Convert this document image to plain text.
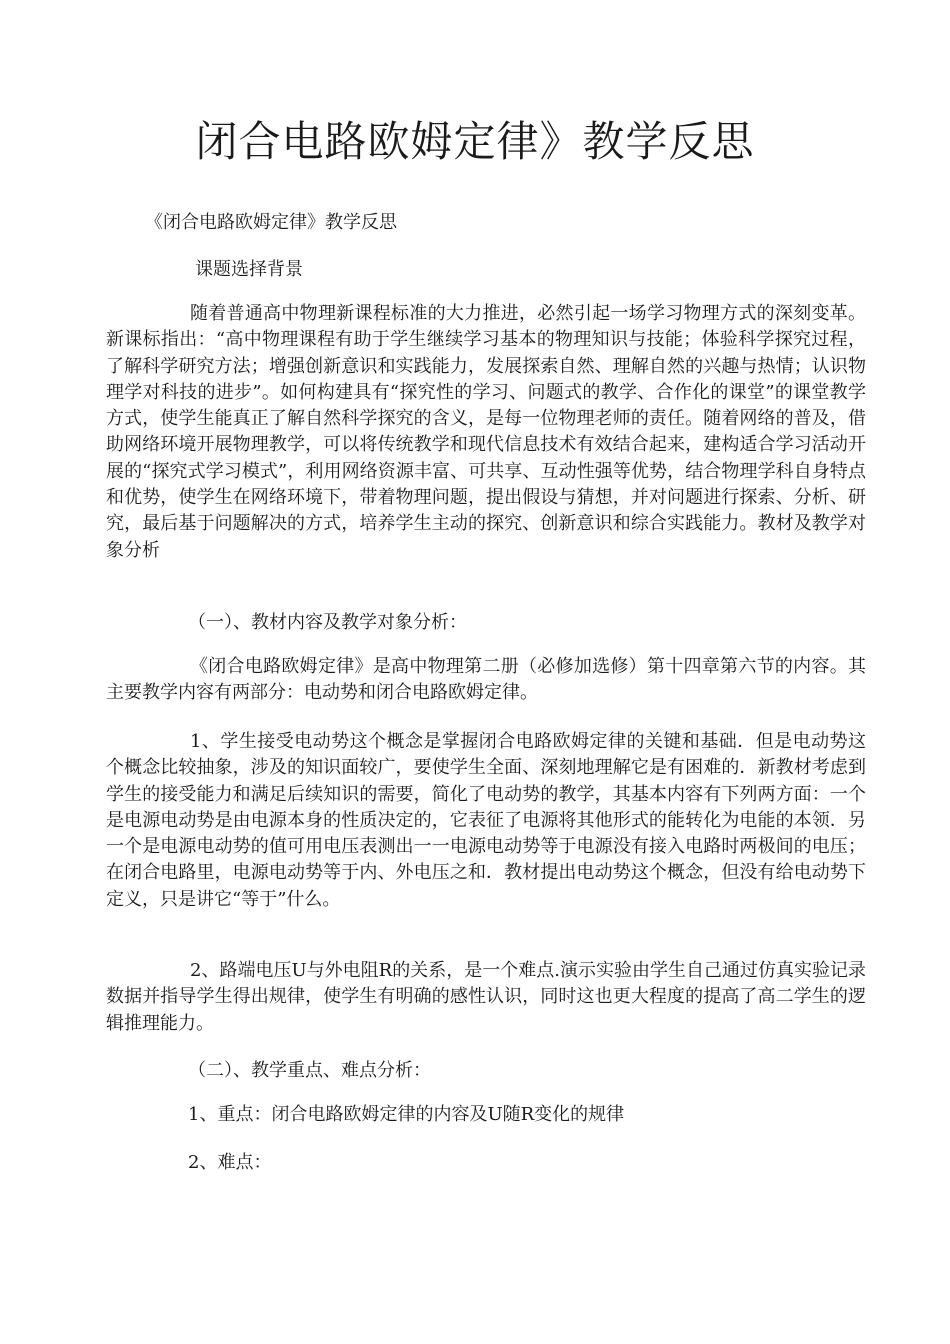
闭合电路欧姆定律》教学反思

《闭合电路欧姆定律》教学反思

课题选择背景

随着普通高中物理新课程标准的大力推进，必然引起一场学习物理方式的深刻变革。新课标指出：“高中物理课程有助于学生继续学习基本的物理知识与技能；体验科学探究过程，了解科学研究方法；增强创新意识和实践能力，发展探索自然、理解自然的兴趣与热情；认识物理学对科技的进步”。如何构建具有“探究性的学习、问题式的教学、合作化的课堂”的课堂教学方式，使学生能真正了解自然科学探究的含义，是每一位物理老师的责任。随着网络的普及，借助网络环境开展物理教学，可以将传统教学和现代信息技术有效结合起来，建构适合学习活动开展的“探究式学习模式”，利用网络资源丰富、可共享、互动性强等优势，结合物理学科自身特点和优势，使学生在网络环境下，带着物理问题，提出假设与猜想，并对问题进行探索、分析、研究，最后基于问题解决的方式，培养学生主动的探究、创新意识和综合实践能力。教材及教学对象分析

（一）、教材内容及教学对象分析：

《闭合电路欧姆定律》是高中物理第二册（必修加选修）第十四章第六节的内容。其主要教学内容有两部分：电动势和闭合电路欧姆定律。

1、学生接受电动势这个概念是掌握闭合电路欧姆定律的关键和基础．但是电动势这个概念比较抽象，涉及的知识面较广，要使学生全面、深刻地理解它是有困难的．新教材考虑到学生的接受能力和满足后续知识的需要，简化了电动势的教学，其基本内容有下列两方面：一个是电源电动势是由电源本身的性质决定的，它表征了电源将其他形式的能转化为电能的本领．另一个是电源电动势的值可用电压表测出一一电源电动势等于电源没有接入电路时两极间的电压；在闭合电路里，电源电动势等于内、外电压之和．教材提出电动势这个概念，但没有给电动势下定义，只是讲它“等于”什么。

2、路端电压U与外电阻R的关系，是一个难点.演示实验由学生自己通过仿真实验记录数据并指导学生得出规律，使学生有明确的感性认识，同时这也更大程度的提高了高二学生的逻辑推理能力。

（二）、教学重点、难点分析：

1、重点：闭合电路欧姆定律的内容及U随R变化的规律

2、难点：
